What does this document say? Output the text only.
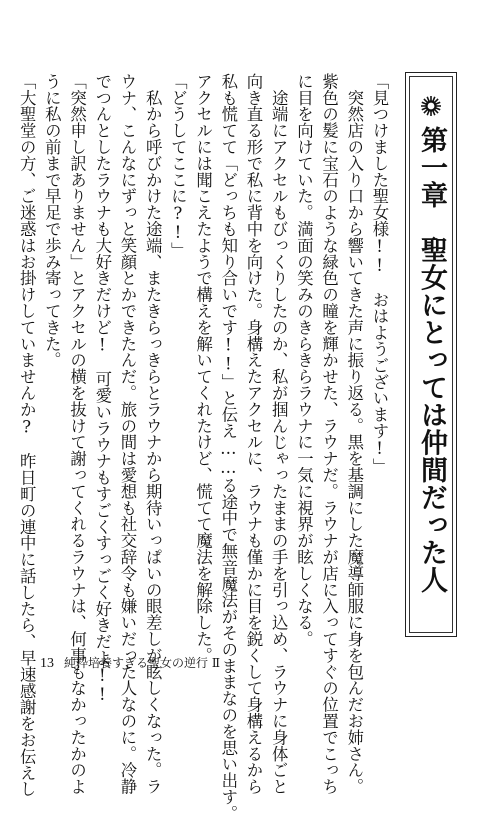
第一章　聖女にとっては仲間だった人

「見つけました聖女様!!　おはようございます!」

　突然店の入り口から響いてきた声に振り返る。黒を基調にした魔導師服に身を包んだお姉さん。

紫色の髪に宝石のような緑色の瞳を輝かせた、ラウナだ。ラウナが店に入ってすぐの位置でこっち

に目を向けていた。満面の笑みのきらきらラウナに一気に視界が眩しくなる。

　途端にアクセルもびっくりしたのか、私が掴んじゃったままの手を引っ込め、ラウナに身体ごと

向き直る形で私に背中を向けた。身構えたアクセルに、ラウナも僅かに目を鋭くして身構えるから

私も慌てて「どっちも知り合いです!!」と伝え……る途中で無音魔法がそのままなのを思い出す。

アクセルには聞こえたようで構えを解いてくれたけど、慌てて魔法を解除した。

「どうしてここに?!」

　私から呼びかけた途端、またきらっきらとラウナから期待いっぱいの眼差しが眩しくなった。ラ

ウナ、こんなにずっと笑顔とかできたんだ。旅の間は愛想も社交辞令も嫌いだった人なのに。冷静

でつんとしたラウナも大好きだけど!　可愛いラウナもすごくすっごく好きだよ!!

「突然申し訳ありません」とアクセルの横を抜けて謝ってくれるラウナは、何事もなかったかのよ

うに私の前まで早足で歩み寄ってきた。

「大聖堂の方、ご迷惑はお掛けしていませんか?　昨日町の連中に話したら、早速感謝をお伝えし 13 純粋培養すぎる聖女の逆行 Ⅱ
